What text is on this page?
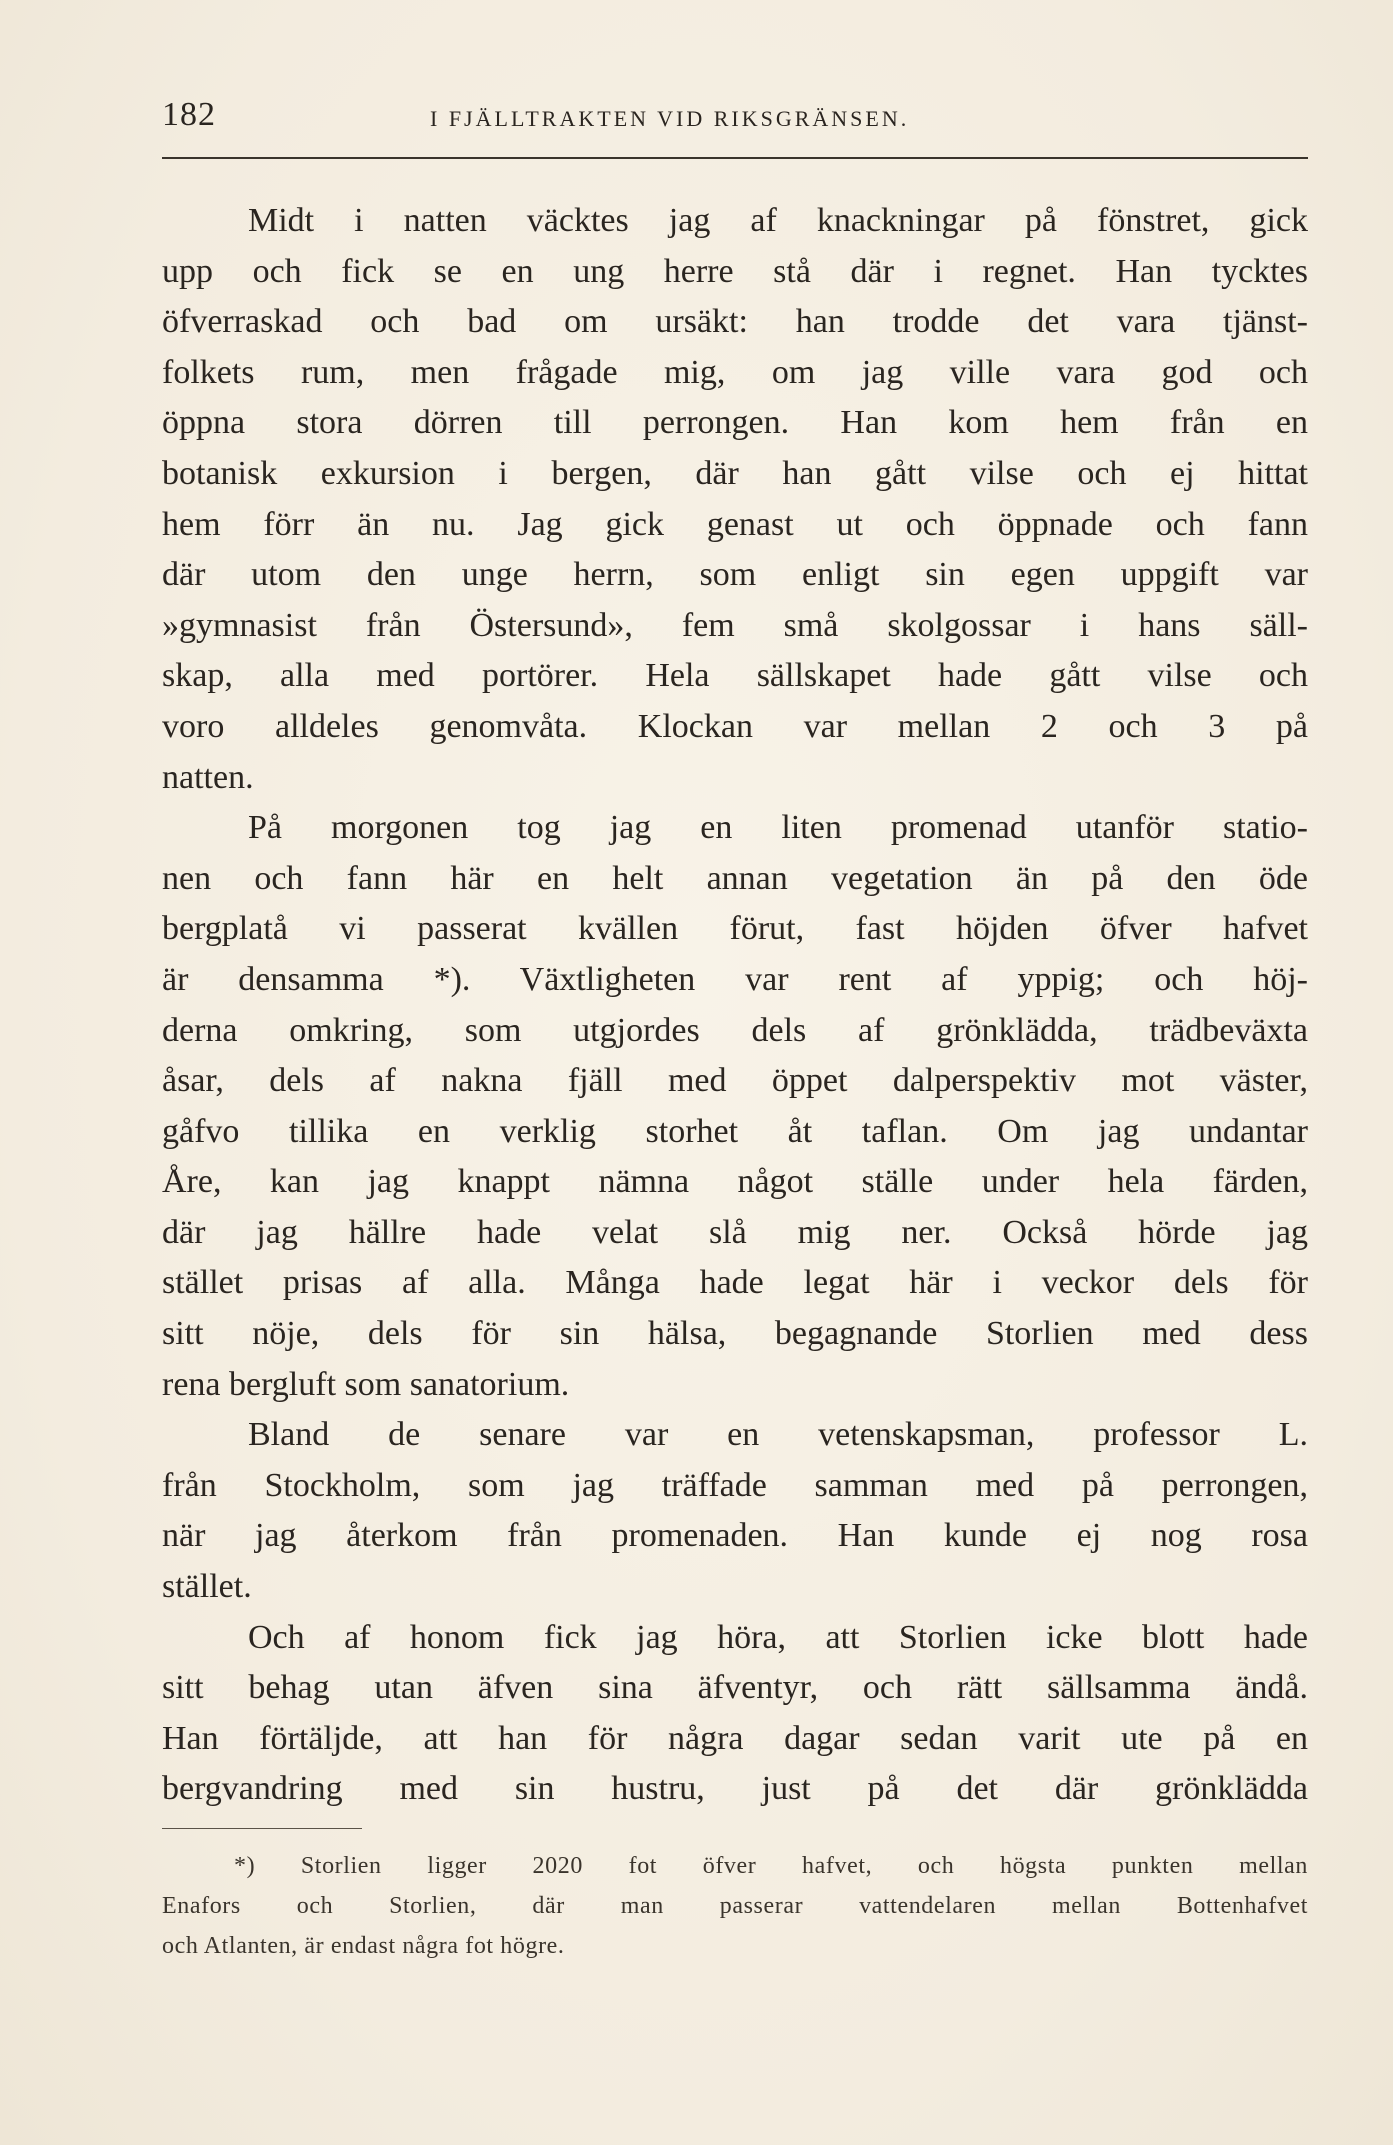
182	I FJÄLLTRAKTEN VID RIKSGRÄNSEN.
Midt i natten väcktes jag af knackningar på fönstret, gick
upp och fick se en ung herre stå där i regnet. Han tycktes
öfverraskad och bad om ursäkt: han trodde det vara tjänst-
folkets rum, men frågade mig, om jag ville vara god och
öppna stora dörren till perrongen. Han kom hem från en
botanisk exkursion i bergen, där han gått vilse och ej hittat
hem förr än nu. Jag gick genast ut och öppnade och fann
där utom den unge herrn, som enligt sin egen uppgift var
»gymnasist från Östersund», fem små skolgossar i hans säll-
skap, alla med portörer. Hela sällskapet hade gått vilse och
voro alldeles genomvåta. Klockan var mellan 2 och 3 på
natten.
På morgonen tog jag en liten promenad utanför statio-
nen och fann här en helt annan vegetation än på den öde
bergplatå vi passerat kvällen förut, fast höjden öfver hafvet
är densamma *). Växtligheten var rent af yppig; och höj-
derna omkring, som utgjordes dels af grönklädda, trädbeväxta
åsar, dels af nakna fjäll med öppet dalperspektiv mot väster,
gåfvo tillika en verklig storhet åt taflan. Om jag undantar
Åre, kan jag knappt nämna något ställe under hela färden,
där jag hällre hade velat slå mig ner. Också hörde jag
stället prisas af alla. Många hade legat här i veckor dels för
sitt nöje, dels för sin hälsa, begagnande Storlien med dess
rena bergluft som sanatorium.
Bland de senare var en vetenskapsman, professor L.
från Stockholm, som jag träffade samman med på perrongen,
när jag återkom från promenaden. Han kunde ej nog rosa
stället.
Och af honom fick jag höra, att Storlien icke blott hade
sitt behag utan äfven sina äfventyr, och rätt sällsamma ändå.
Han förtäljde, att han för några dagar sedan varit ute på en
bergvandring med sin hustru, just på det där grönklädda
*) Storlien ligger 2020 fot öfver hafvet, och högsta punkten mellan
Enafors och Storlien, där man passerar vattendelaren mellan Bottenhafvet
och Atlanten, är endast några fot högre.
